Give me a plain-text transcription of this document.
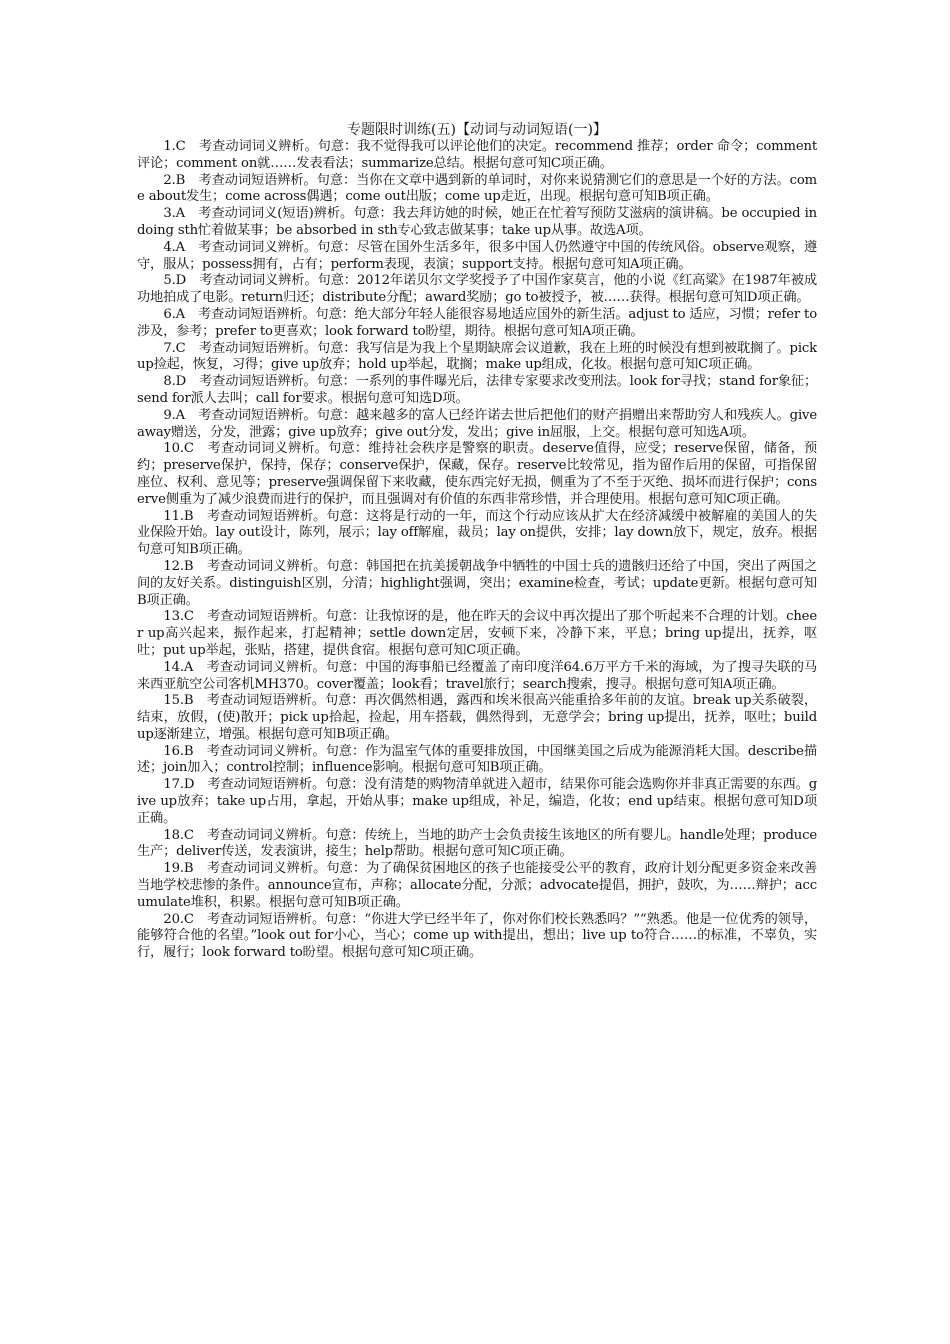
专题限时训练(五)【动词与动词短语(一)】

1.C　考查动词词义辨析。句意：我不觉得我可以评论他们的决定。recommend 推荐；order 命令；comment 评论；comment on就……发表看法；summarize总结。根据句意可知C项正确。

2.B　考查动词短语辨析。句意：当你在文章中遇到新的单词时，对你来说猜测它们的意思是一个好的方法。come about发生；come across偶遇；come out出版；come up走近，出现。根据句意可知B项正确。

3.A　考查动词词义(短语)辨析。句意：我去拜访她的时候，她正在忙着写预防艾滋病的演讲稿。be occupied in doing sth忙着做某事；be absorbed in sth专心致志做某事；take up从事。故选A项。

4.A　考查动词词义辨析。句意：尽管在国外生活多年，很多中国人仍然遵守中国的传统风俗。observe观察，遵守，服从；possess拥有，占有；perform表现，表演；support支持。根据句意可知A项正确。

5.D　考查动词词义辨析。句意：2012年诺贝尔文学奖授予了中国作家莫言，他的小说《红高粱》在1987年被成功地拍成了电影。return归还；distribute分配；award奖励；go to被授予，被……获得。根据句意可知D项正确。

6.A　考查动词短语辨析。句意：绝大部分年轻人能很容易地适应国外的新生活。adjust to 适应，习惯；refer to 涉及，参考；prefer to更喜欢；look forward to盼望，期待。根据句意可知A项正确。

7.C　考查动词短语辨析。句意：我写信是为我上个星期缺席会议道歉，我在上班的时候没有想到被耽搁了。pick up捡起，恢复，习得；give up放弃；hold up举起，耽搁；make up组成，化妆。根据句意可知C项正确。

8.D　考查动词短语辨析。句意：一系列的事件曝光后，法律专家要求改变刑法。look for寻找；stand for象征；send for派人去叫；call for要求。根据句意可知选D项。

9.A　考查动词短语辨析。句意：越来越多的富人已经许诺去世后把他们的财产捐赠出来帮助穷人和残疾人。give away赠送，分发，泄露；give up放弃；give out分发，发出；give in屈服，上交。根据句意可知选A项。

10.C　考查动词词义辨析。句意：维持社会秩序是警察的职责。deserve值得，应受；reserve保留，储备，预约；preserve保护，保持，保存；conserve保护，保藏，保存。reserve比较常见，指为留作后用的保留，可指保留座位、权利、意见等；preserve强调保留下来收藏，使东西完好无损，侧重为了不至于灭绝、损坏而进行保护；conserve侧重为了减少浪费而进行的保护，而且强调对有价值的东西非常珍惜，并合理使用。根据句意可知C项正确。

11.B　考查动词短语辨析。句意：这将是行动的一年，而这个行动应该从扩大在经济减缓中被解雇的美国人的失业保险开始。lay out设计，陈列，展示；lay off解雇，裁员；lay on提供，安排；lay down放下，规定，放弃。根据句意可知B项正确。

12.B　考查动词词义辨析。句意：韩国把在抗美援朝战争中牺牲的中国士兵的遗骸归还给了中国，突出了两国之间的友好关系。distinguish区别，分清；highlight强调，突出；examine检查，考试；update更新。根据句意可知B项正确。

13.C　考查动词短语辨析。句意：让我惊讶的是，他在昨天的会议中再次提出了那个听起来不合理的计划。cheer up高兴起来，振作起来，打起精神；settle down定居，安顿下来，冷静下来，平息；bring up提出，抚养，呕吐；put up举起，张贴，搭建，提供食宿。根据句意可知C项正确。

14.A　考查动词词义辨析。句意：中国的海事船已经覆盖了南印度洋64.6万平方千米的海域，为了搜寻失联的马来西亚航空公司客机MH370。cover覆盖；look看；travel旅行；search搜索，搜寻。根据句意可知A项正确。

15.B　考查动词短语辨析。句意：再次偶然相遇，露西和埃米很高兴能重拾多年前的友谊。break up关系破裂，结束，放假，(使)散开；pick up拾起，捡起，用车搭载，偶然得到，无意学会；bring up提出，抚养，呕吐；build up逐渐建立，增强。根据句意可知B项正确。

16.B　考查动词词义辨析。句意：作为温室气体的重要排放国，中国继美国之后成为能源消耗大国。describe描述；join加入；control控制；influence影响。根据句意可知B项正确。

17.D　考查动词短语辨析。句意：没有清楚的购物清单就进入超市，结果你可能会选购你并非真正需要的东西。give up放弃；take up占用，拿起，开始从事；make up组成，补足，编造，化妆；end up结束。根据句意可知D项正确。

18.C　考查动词词义辨析。句意：传统上，当地的助产士会负责接生该地区的所有婴儿。handle处理；produce生产；deliver传送，发表演讲，接生；help帮助。根据句意可知C项正确。

19.B　考查动词词义辨析。句意：为了确保贫困地区的孩子也能接受公平的教育，政府计划分配更多资金来改善当地学校悲惨的条件。announce宣布，声称；allocate分配，分派；advocate提倡，拥护，鼓吹，为……辩护；accumulate堆积，积累。根据句意可知B项正确。

20.C　考查动词短语辨析。句意：“你进大学已经半年了，你对你们校长熟悉吗？”“熟悉。他是一位优秀的领导，能够符合他的名望。”look out for小心，当心；come up with提出，想出；live up to符合……的标准，不辜负，实行，履行；look forward to盼望。根据句意可知C项正确。
